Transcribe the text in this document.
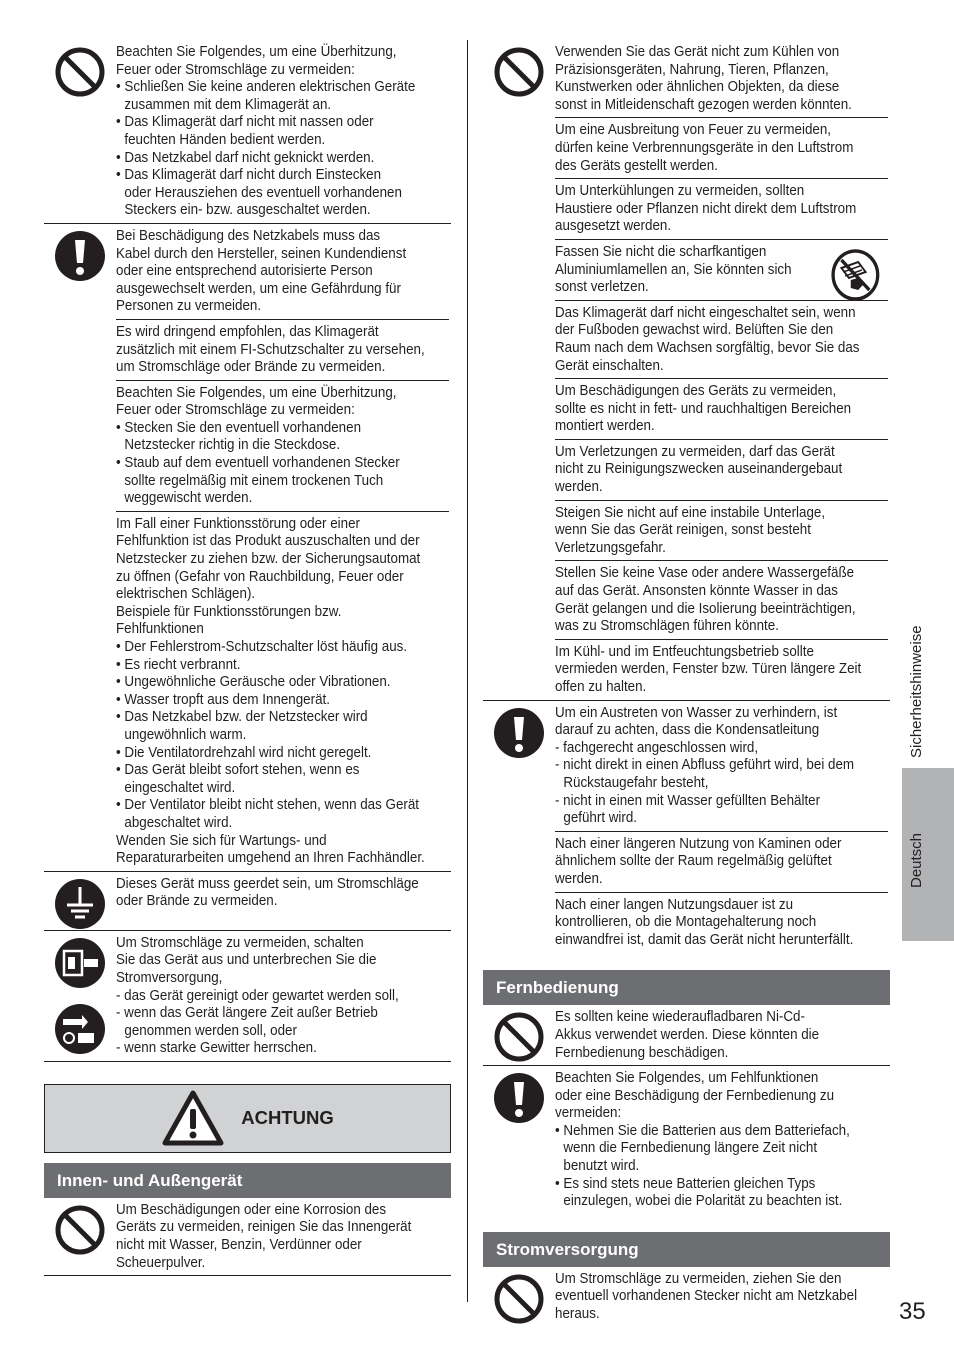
Beachten Sie Folgendes, um eine Überhitzung,
Feuer oder Stromschläge zu vermeiden:
• Schließen Sie keine anderen elektrischen Geräte
zusammen mit dem Klimagerät an.
• Das Klimagerät darf nicht mit nassen oder
feuchten Händen bedient werden.
• Das Netzkabel darf nicht geknickt werden.
• Das Klimagerät darf nicht durch Einstecken
oder Herausziehen des eventuell vorhandenen
Steckers ein- bzw. ausgeschaltet werden.
Bei Beschädigung des Netzkabels muss das
Kabel durch den Hersteller, seinen Kundendienst
oder eine entsprechend autorisierte Person
ausgewechselt werden, um eine Gefährdung für
Personen zu vermeiden.
Es wird dringend empfohlen, das Klimagerät
zusätzlich mit einem FI-Schutzschalter zu versehen,
um Stromschläge oder Brände zu vermeiden.
Beachten Sie Folgendes, um eine Überhitzung,
Feuer oder Stromschläge zu vermeiden:
• Stecken Sie den eventuell vorhandenen
Netzstecker richtig in die Steckdose.
• Staub auf dem eventuell vorhandenen Stecker
sollte regelmäßig mit einem trockenen Tuch
weggewischt werden.
Im Fall einer Funktionsstörung oder einer
Fehlfunktion ist das Produkt auszuschalten und der
Netzstecker zu ziehen bzw. der Sicherungsautomat
zu öffnen (Gefahr von Rauchbildung, Feuer oder
elektrischen Schlägen).
Beispiele für Funktionsstörungen bzw.
Fehlfunktionen
• Der Fehlerstrom-Schutzschalter löst häufig aus.
• Es riecht verbrannt.
• Ungewöhnliche Geräusche oder Vibrationen.
• Wasser tropft aus dem Innengerät.
• Das Netzkabel bzw. der Netzstecker wird
ungewöhnlich warm.
• Die Ventilatordrehzahl wird nicht geregelt.
• Das Gerät bleibt sofort stehen, wenn es
eingeschaltet wird.
• Der Ventilator bleibt nicht stehen, wenn das Gerät
abgeschaltet wird.
Wenden Sie sich für Wartungs- und
Reparaturarbeiten umgehend an Ihren Fachhändler.
Dieses Gerät muss geerdet sein, um Stromschläge
oder Brände zu vermeiden.
Um Stromschläge zu vermeiden, schalten
Sie das Gerät aus und unterbrechen Sie die
Stromversorgung,
- das Gerät gereinigt oder gewartet werden soll,
- wenn das Gerät längere Zeit außer Betrieb
genommen werden soll, oder
- wenn starke Gewitter herrschen.
ACHTUNG
Innen- und Außengerät
Um Beschädigungen oder eine Korrosion des
Geräts zu vermeiden, reinigen Sie das Innengerät
nicht mit Wasser, Benzin, Verdünner oder
Scheuerpulver.
Verwenden Sie das Gerät nicht zum Kühlen von
Präzisionsgeräten, Nahrung, Tieren, Pflanzen,
Kunstwerken oder ähnlichen Objekten, da diese
sonst in Mitleidenschaft gezogen werden könnten.
Um eine Ausbreitung von Feuer zu vermeiden,
dürfen keine Verbrennungsgeräte in den Luftstrom
des Geräts gestellt werden.
Um Unterkühlungen zu vermeiden, sollten
Haustiere oder Pflanzen nicht direkt dem Luftstrom
ausgesetzt werden.
Fassen Sie nicht die scharfkantigen
Aluminiumlamellen an, Sie könnten sich
sonst verletzen.
Das Klimagerät darf nicht eingeschaltet sein, wenn
der Fußboden gewachst wird. Belüften Sie den
Raum nach dem Wachsen sorgfältig, bevor Sie das
Gerät einschalten.
Um Beschädigungen des Geräts zu vermeiden,
sollte es nicht in fett- und rauchhaltigen Bereichen
montiert werden.
Um Verletzungen zu vermeiden, darf das Gerät
nicht zu Reinigungszwecken auseinandergebaut
werden.
Steigen Sie nicht auf eine instabile Unterlage,
wenn Sie das Gerät reinigen, sonst besteht
Verletzungsgefahr.
Stellen Sie keine Vase oder andere Wassergefäße
auf das Gerät. Ansonsten könnte Wasser in das
Gerät gelangen und die Isolierung beeinträchtigen,
was zu Stromschlägen führen könnte.
Im Kühl- und im Entfeuchtungsbetrieb sollte
vermieden werden, Fenster bzw. Türen längere Zeit
offen zu halten.
Um ein Austreten von Wasser zu verhindern, ist
darauf zu achten, dass die Kondensatleitung
- fachgerecht angeschlossen wird,
- nicht direkt in einen Abfluss geführt wird, bei dem
Rückstaugefahr besteht,
- nicht in einen mit Wasser gefüllten Behälter
geführt wird.
Nach einer längeren Nutzung von Kaminen oder
ähnlichem sollte der Raum regelmäßig gelüftet
werden.
Nach einer langen Nutzungsdauer ist zu
kontrollieren, ob die Montagehalterung noch
einwandfrei ist, damit das Gerät nicht herunterfällt.
Fernbedienung
Es sollten keine wiederaufladbaren Ni-Cd-
Akkus verwendet werden. Diese könnten die
Fernbedienung beschädigen.
Beachten Sie Folgendes, um Fehlfunktionen
oder eine Beschädigung der Fernbedienung zu
vermeiden:
• Nehmen Sie die Batterien aus dem Batteriefach,
wenn die Fernbedienung längere Zeit nicht
benutzt wird.
• Es sind stets neue Batterien gleichen Typs
einzulegen, wobei die Polarität zu beachten ist.
Stromversorgung
Um Stromschläge zu vermeiden, ziehen Sie den
eventuell vorhandenen Stecker nicht am Netzkabel
heraus.
Sicherheitshinweise
Deutsch
35
